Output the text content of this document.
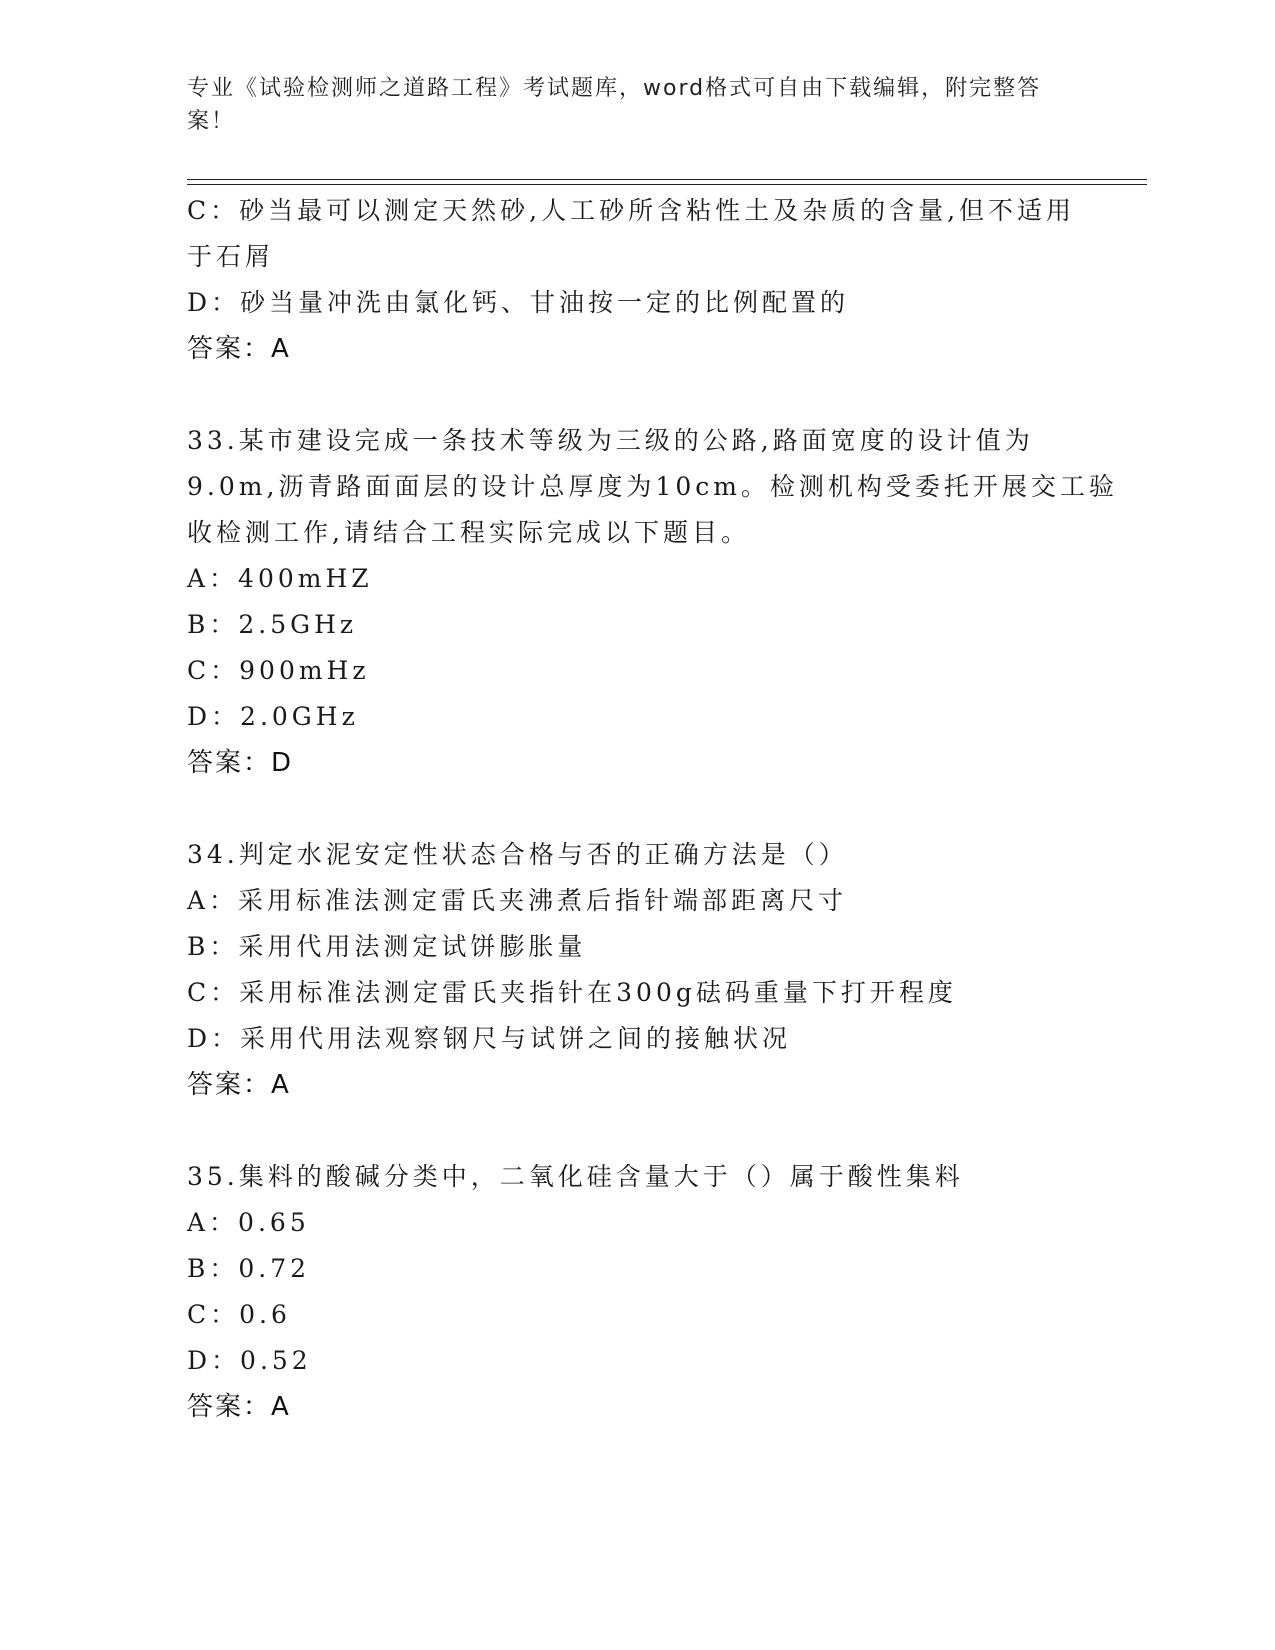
专业《试验检测师之道路工程》考试题库，word格式可自由下载编辑，附完整答
案！
C：砂当最可以测定天然砂,人工砂所含粘性土及杂质的含量,但不适用
于石屑
D：砂当量冲洗由氯化钙、甘油按一定的比例配置的
答案：A
33.某市建设完成一条技术等级为三级的公路,路面宽度的设计值为
9.0m,沥青路面面层的设计总厚度为10cm。检测机构受委托开展交工验
收检测工作,请结合工程实际完成以下题目。
A：400mHZ
B：2.5GHz
C：900mHz
D：2.0GHz
答案：D
34.判定水泥安定性状态合格与否的正确方法是（）
A：采用标准法测定雷氏夹沸煮后指针端部距离尺寸
B：采用代用法测定试饼膨胀量
C：采用标准法测定雷氏夹指针在300g砝码重量下打开程度
D：采用代用法观察钢尺与试饼之间的接触状况
答案：A
35.集料的酸碱分类中，二氧化硅含量大于（）属于酸性集料
A：0.65
B：0.72
C：0.6
D：0.52
答案：A
